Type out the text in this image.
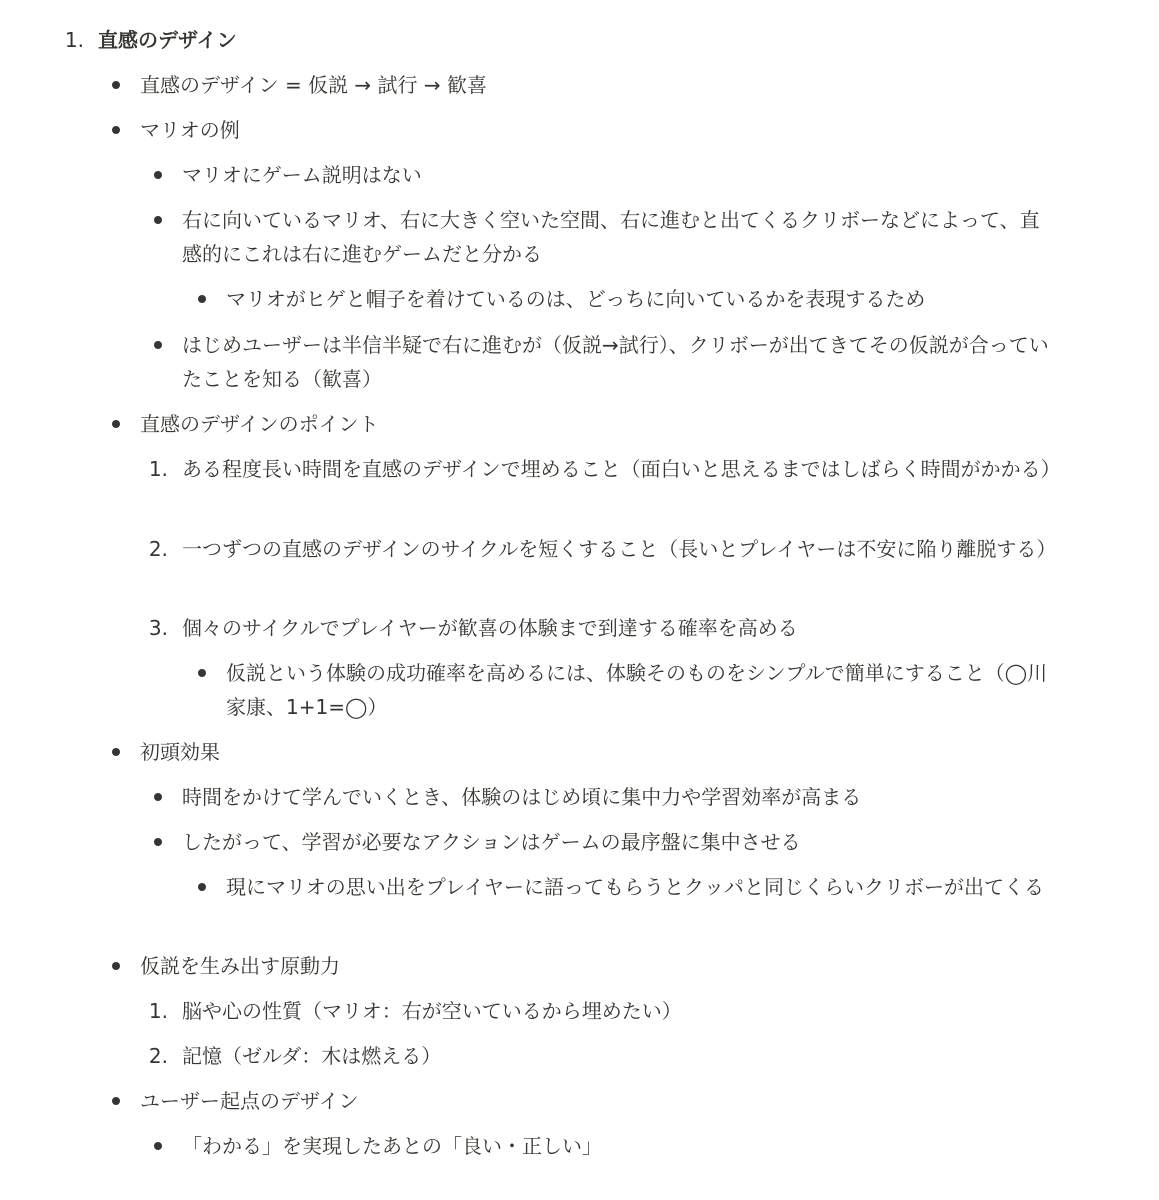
1. 直感のデザイン
直感のデザイン = 仮説 → 試行 → 歓喜
マリオの例
マリオにゲーム説明はない
右に向いているマリオ、右に大きく空いた空間、右に進むと出てくるクリボーなどによって、直感的にこれは右に進むゲームだと分かる
マリオがヒゲと帽子を着けているのは、どっちに向いているかを表現するため
はじめユーザーは半信半疑で右に進むが（仮説→試行）、クリボーが出てきてその仮説が合っていたことを知る（歓喜）
直感のデザインのポイント
1. ある程度長い時間を直感のデザインで埋めること（面白いと思えるまではしばらく時間がかかる）
2. 一つずつの直感のデザインのサイクルを短くすること（長いとプレイヤーは不安に陥り離脱する）
3. 個々のサイクルでプレイヤーが歓喜の体験まで到達する確率を高める
仮説という体験の成功確率を高めるには、体験そのものをシンプルで簡単にすること（◯川家康、1+1=◯）
初頭効果
時間をかけて学んでいくとき、体験のはじめ頃に集中力や学習効率が高まる
したがって、学習が必要なアクションはゲームの最序盤に集中させる
現にマリオの思い出をプレイヤーに語ってもらうとクッパと同じくらいクリボーが出てくる
仮説を生み出す原動力
1. 脳や心の性質（マリオ：右が空いているから埋めたい）
2. 記憶（ゼルダ：木は燃える）
ユーザー起点のデザイン
「わかる」を実現したあとの「良い・正しい」
